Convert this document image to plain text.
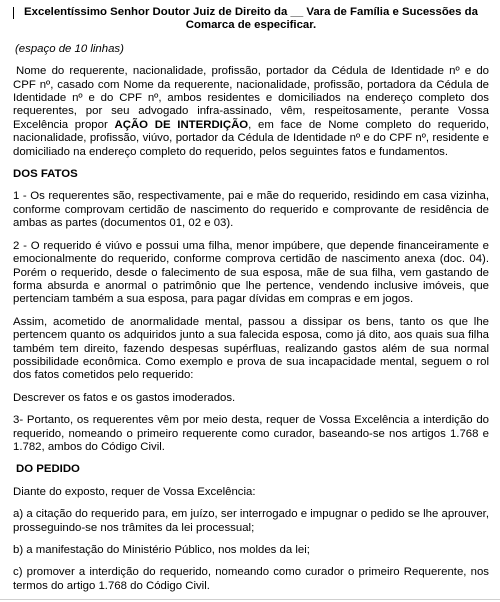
Excelentíssimo Senhor Doutor Juiz de Direito da __ Vara de Família e Sucessões da Comarca de especificar.
(espaço de 10 linhas)

Nome do requerente, nacionalidade, profissão, portador da Cédula de Identidade nº e do CPF nº, casado com Nome da requerente, nacionalidade, profissão, portadora da Cédula de Identidade nº e do CPF nº, ambos residentes e domiciliados na endereço completo dos requerentes, por seu advogado infra-assinado, vêm, respeitosamente, perante Vossa Excelência propor AÇÃO DE INTERDIÇÃO, em face de Nome completo do requerido, nacionalidade, profissão, viúvo, portador da Cédula de Identidade nº e do CPF nº, residente e domiciliado na endereço completo do requerido, pelos seguintes fatos e fundamentos.

DOS FATOS

1 - Os requerentes são, respectivamente, pai e mãe do requerido, residindo em casa vizinha, conforme comprovam certidão de nascimento do requerido e comprovante de residência de ambas as partes (documentos 01, 02 e 03).

2 - O requerido é viúvo e possui uma filha, menor impúbere, que depende financeiramente e emocionalmente do requerido, conforme comprova certidão de nascimento anexa (doc. 04). Porém o requerido, desde o falecimento de sua esposa, mãe de sua filha, vem gastando de forma absurda e anormal o patrimônio que lhe pertence, vendendo inclusive imóveis, que pertenciam também a sua esposa, para pagar dívidas em compras e em jogos.

Assim, acometido de anormalidade mental, passou a dissipar os bens, tanto os que lhe pertencem quanto os adquiridos junto a sua falecida esposa, como já dito, aos quais sua filha também tem direito, fazendo despesas supérfluas, realizando gastos além de sua normal possibilidade econômica. Como exemplo e prova de sua incapacidade mental, seguem o rol dos fatos cometidos pelo requerido:

Descrever os fatos e os gastos imoderados.

3- Portanto, os requerentes vêm por meio desta, requer de Vossa Excelência a interdição do requerido, nomeando o primeiro requerente como curador, baseando-se nos artigos 1.768 e 1.782, ambos do Código Civil.

DO PEDIDO

Diante do exposto, requer de Vossa Excelência:

a) a citação do requerido para, em juízo, ser interrogado e impugnar o pedido se lhe aprouver, prosseguindo-se nos trâmites da lei processual;

b) a manifestação do Ministério Público, nos moldes da lei;

c) promover a interdição do requerido, nomeando como curador o primeiro Requerente, nos termos do artigo 1.768 do Código Civil.
